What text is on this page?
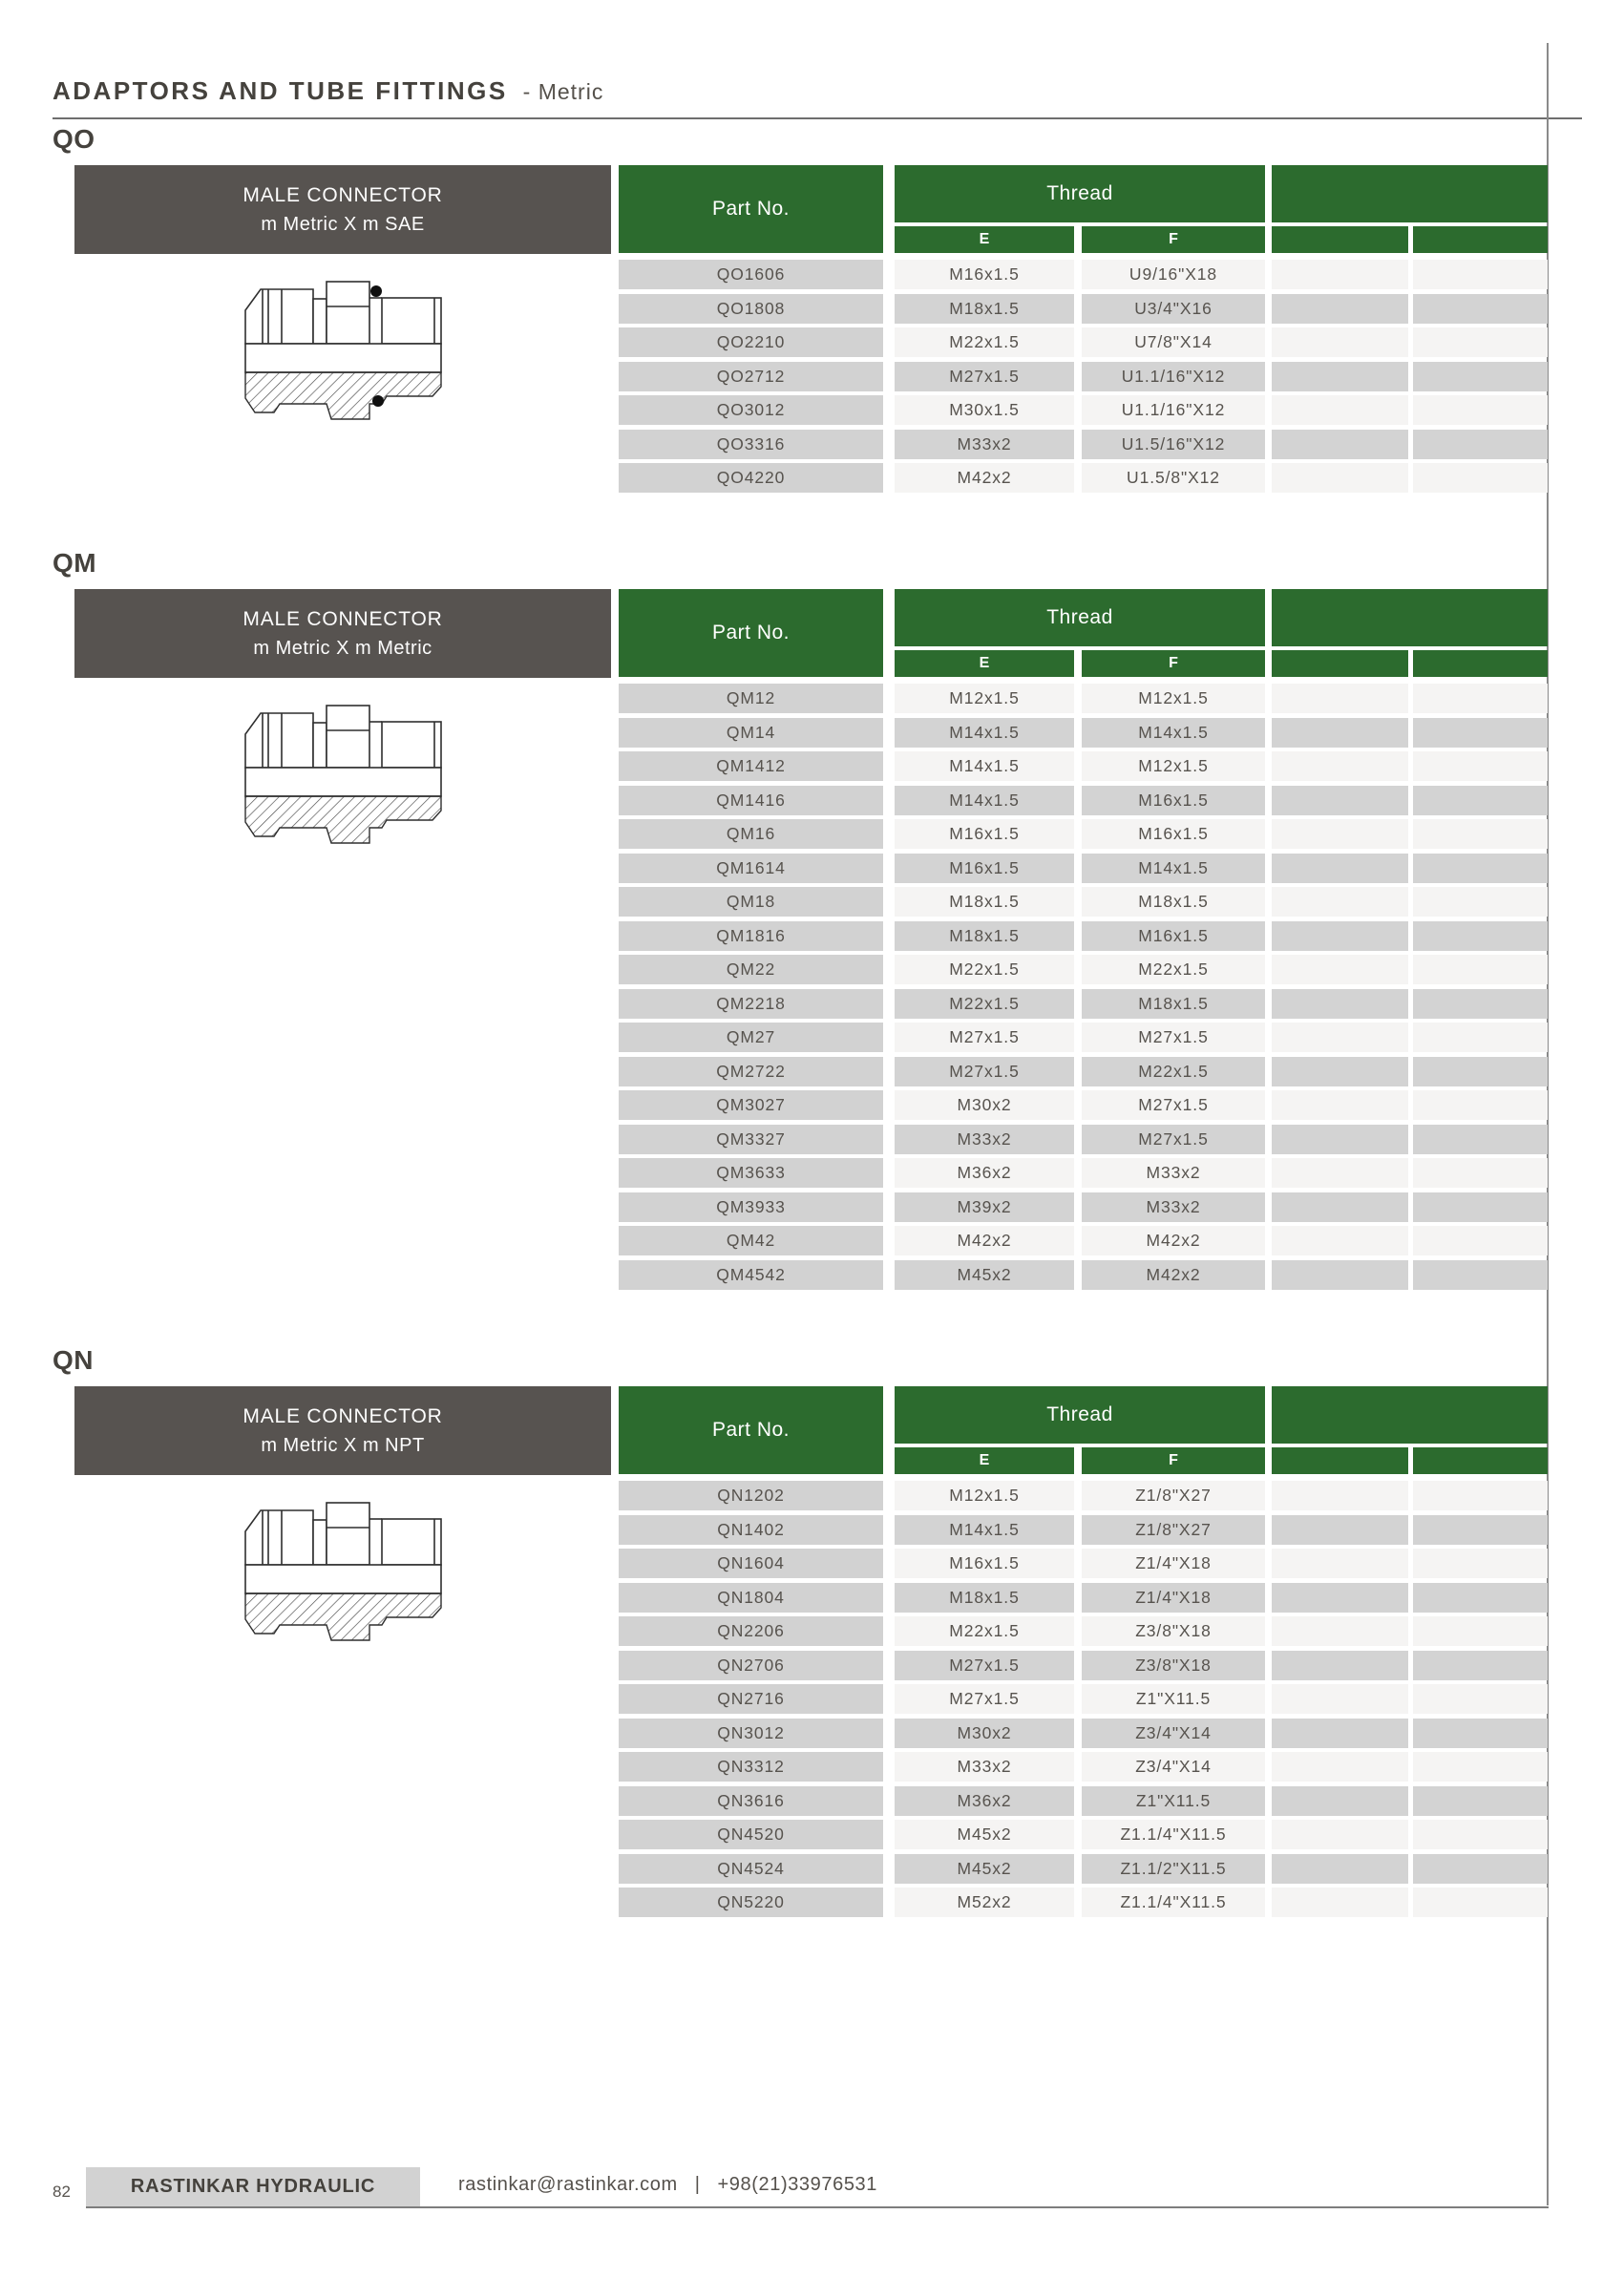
ADAPTORS AND TUBE FITTINGS - Metric
QO
MALE CONNECTOR
m Metric X m SAE
Part No.
Thread
E	F
QO1606	M16x1.5	U9/16"X18
QO1808	M18x1.5	U3/4"X16
QO2210	M22x1.5	U7/8"X14
QO2712	M27x1.5	U1.1/16"X12
QO3012	M30x1.5	U1.1/16"X12
QO3316	M33x2	U1.5/16"X12
QO4220	M42x2	U1.5/8"X12
QM
MALE CONNECTOR
m Metric X m Metric
Part No.
Thread
E	F
QM12	M12x1.5	M12x1.5
QM14	M14x1.5	M14x1.5
QM1412	M14x1.5	M12x1.5
QM1416	M14x1.5	M16x1.5
QM16	M16x1.5	M16x1.5
QM1614	M16x1.5	M14x1.5
QM18	M18x1.5	M18x1.5
QM1816	M18x1.5	M16x1.5
QM22	M22x1.5	M22x1.5
QM2218	M22x1.5	M18x1.5
QM27	M27x1.5	M27x1.5
QM2722	M27x1.5	M22x1.5
QM3027	M30x2	M27x1.5
QM3327	M33x2	M27x1.5
QM3633	M36x2	M33x2
QM3933	M39x2	M33x2
QM42	M42x2	M42x2
QM4542	M45x2	M42x2
QN
MALE CONNECTOR
m Metric X m NPT
Part No.
Thread
E	F
QN1202	M12x1.5	Z1/8"X27
QN1402	M14x1.5	Z1/8"X27
QN1604	M16x1.5	Z1/4"X18
QN1804	M18x1.5	Z1/4"X18
QN2206	M22x1.5	Z3/8"X18
QN2706	M27x1.5	Z3/8"X18
QN2716	M27x1.5	Z1"X11.5
QN3012	M30x2	Z3/4"X14
QN3312	M33x2	Z3/4"X14
QN3616	M36x2	Z1"X11.5
QN4520	M45x2	Z1.1/4"X11.5
QN4524	M45x2	Z1.1/2"X11.5
QN5220	M52x2	Z1.1/4"X11.5
82	RASTINKAR HYDRAULIC	rastinkar@rastinkar.com | +98(21)33976531
